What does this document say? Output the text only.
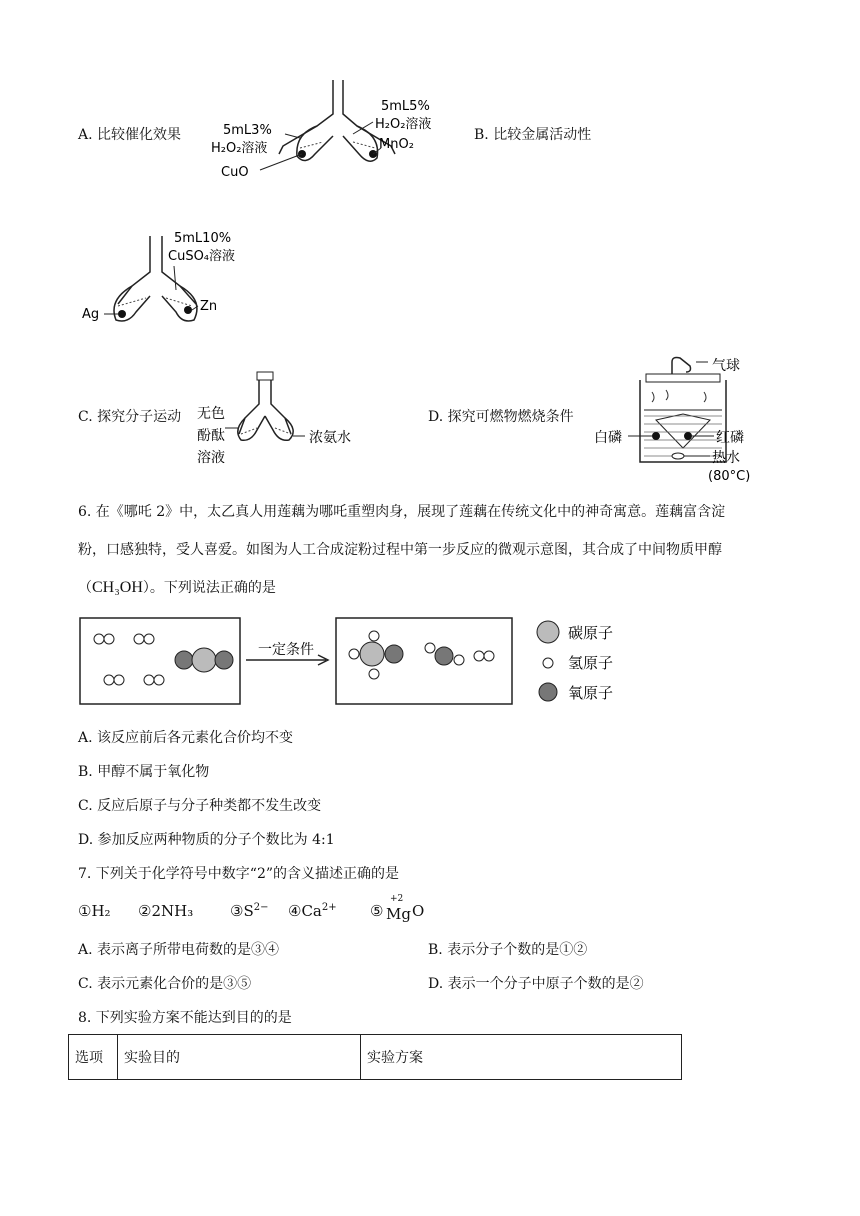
A. 比较催化效果	5mL3%
H₂O₂溶液
CuO
5mL5%
H₂O₂溶液
MnO₂
B. 比较金属活动性
5mL10%
CuSO₄溶液
Ag
Zn
C. 探究分子运动 无色
酚酞
溶液
浓氨水
D. 探究可燃物燃烧条件
气球
白磷	红磷
热水
(80°C)
6. 在《哪吒 2》中，太乙真人用莲藕为哪吒重塑肉身，展现了莲藕在传统文化中的神奇寓意。莲藕富含淀
粉，口感独特，受人喜爱。如图为人工合成淀粉过程中第一步反应的微观示意图，其合成了中间物质甲醇
（CH₃OH）。下列说法正确的是
一定条件
碳原子
氢原子
氧原子
A. 该反应前后各元素化合价均不变
B. 甲醇不属于氧化物
C. 反应后原子与分子种类都不发生改变
D. 参加反应两种物质的分子个数比为 4:1
7. 下列关于化学符号中数字“2”的含义描述正确的是
①H₂ ②2NH₃ $③S^{2-}$ $④Ca^{2+}$ ⑤
+2
Mg O
A. 表示离子所带电荷数的是③④	B. 表示分子个数的是①②
C. 表示元素化合价的是③⑤	D. 表示一个分子中原子个数的是②
8. 下列实验方案不能达到目的的是
选项	实验目的	实验方案
